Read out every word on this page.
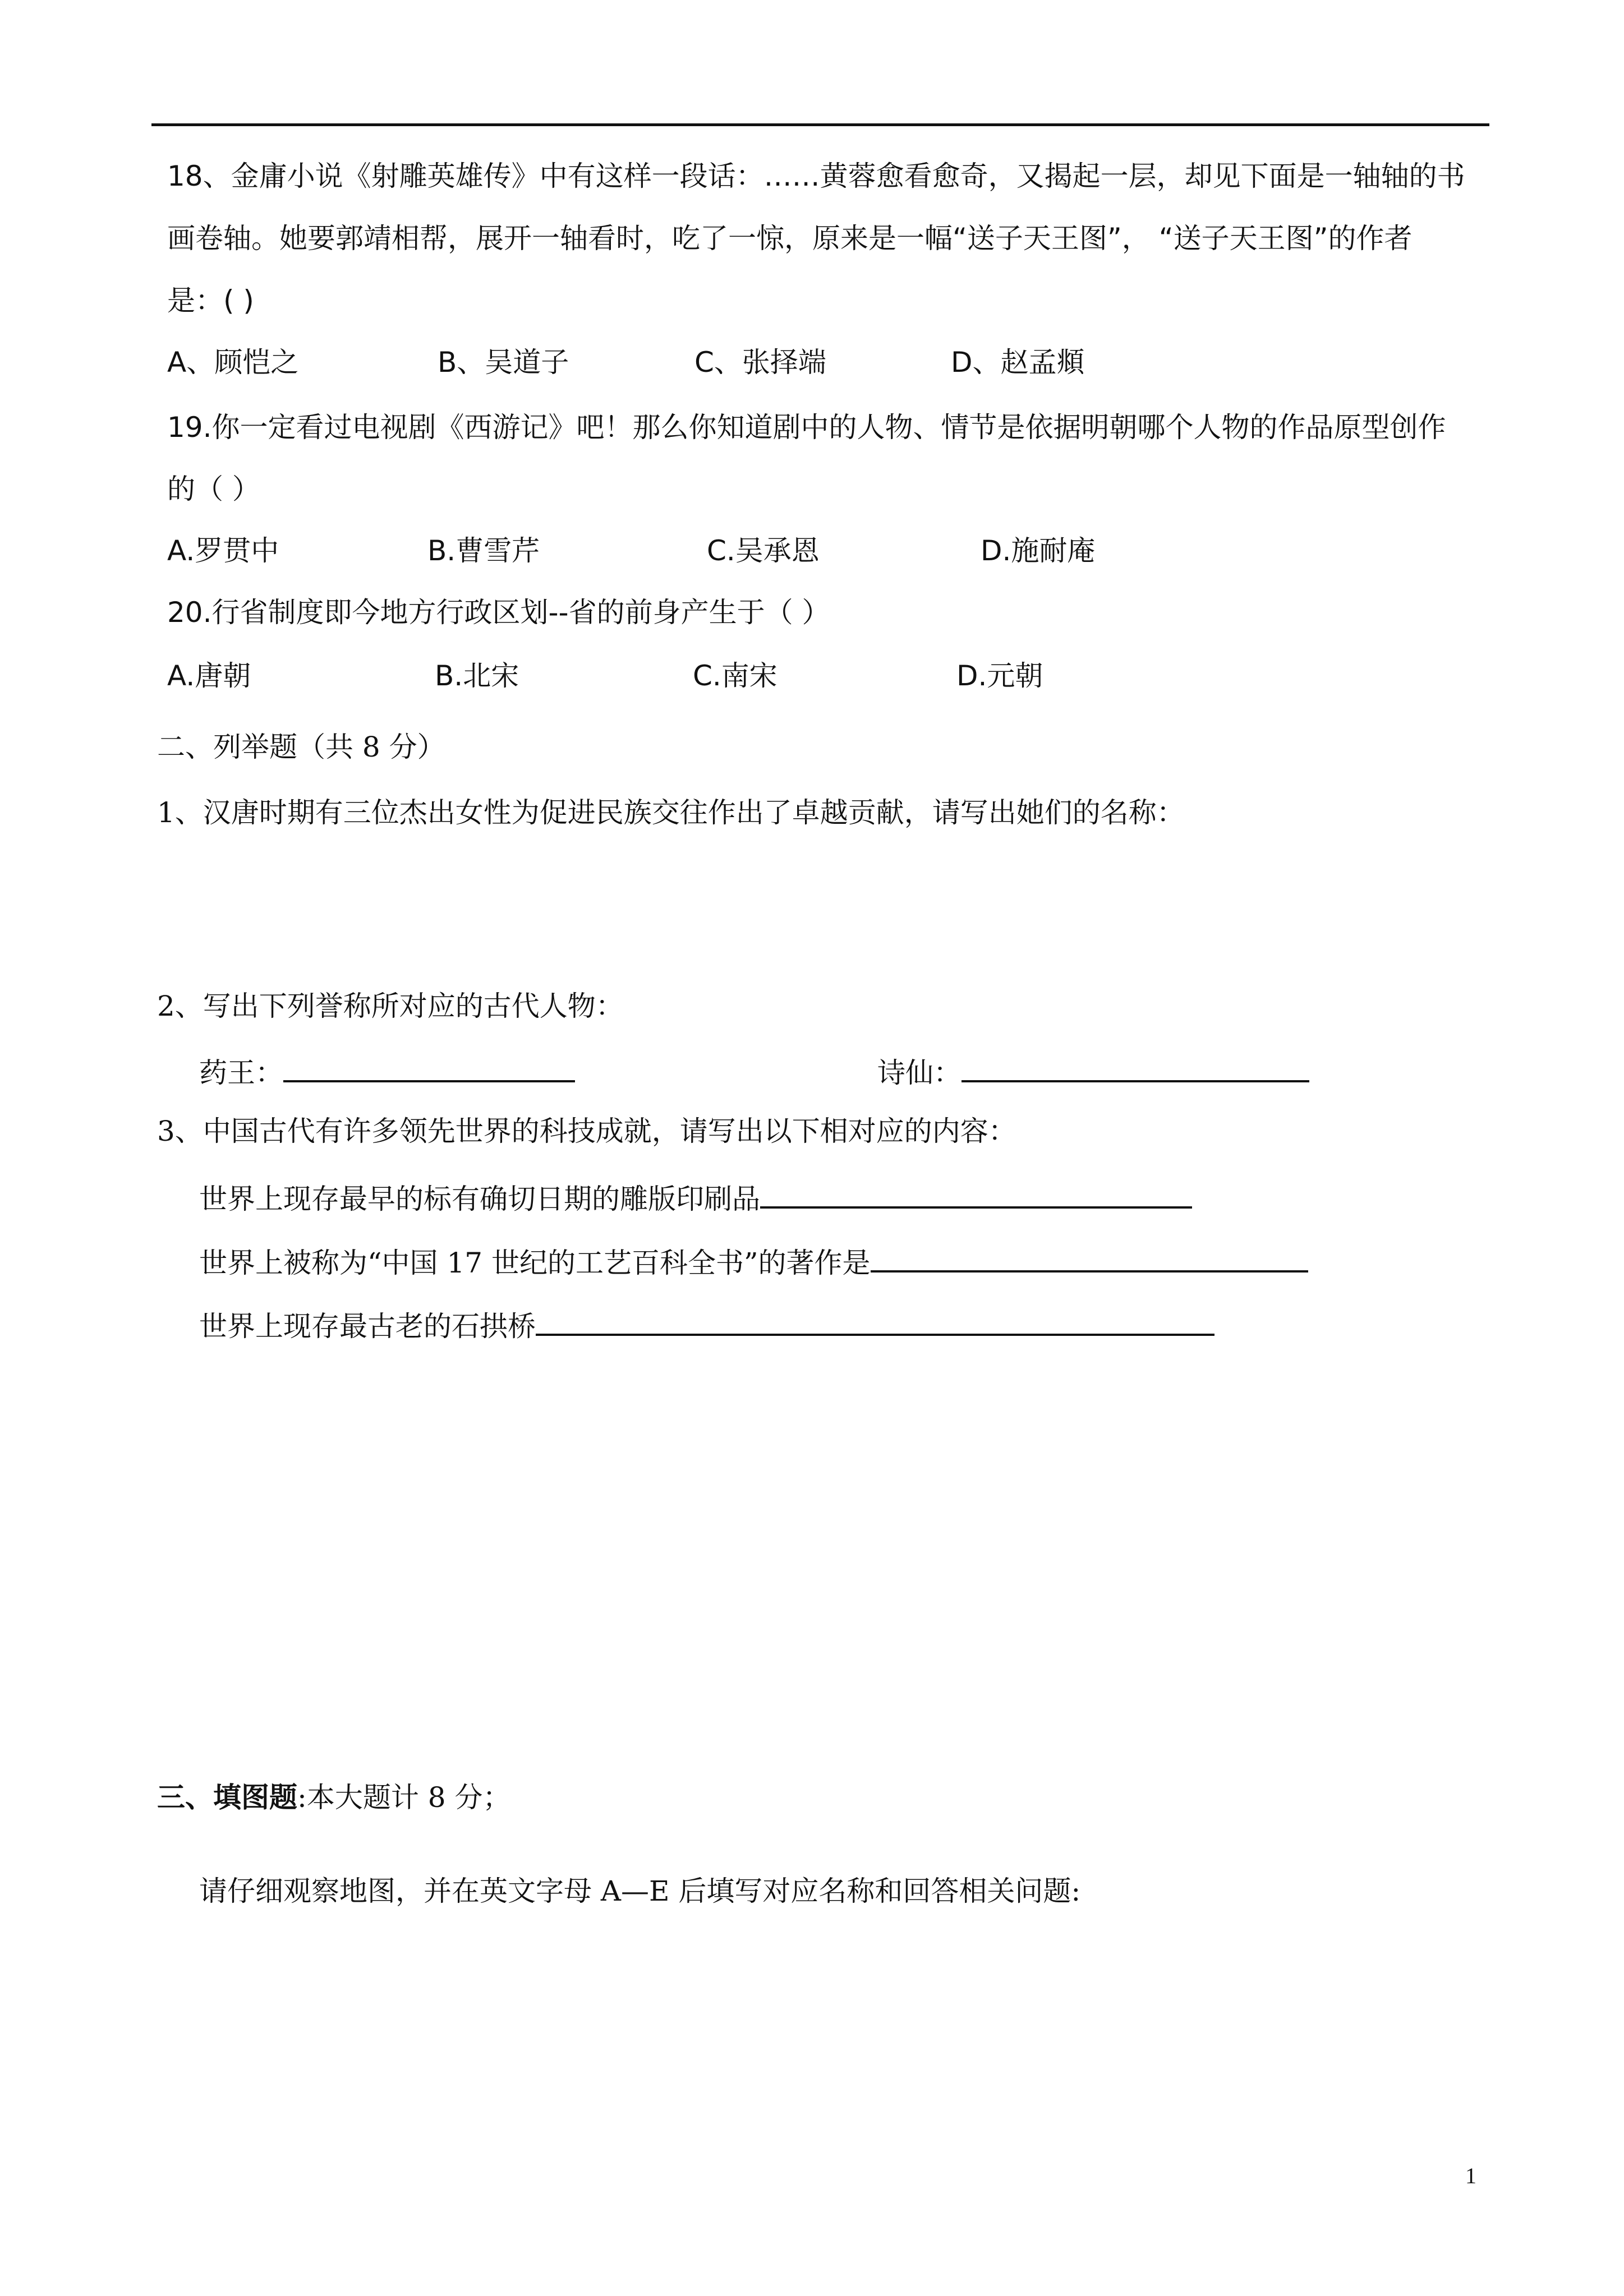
18、金庸小说《射雕英雄传》中有这样一段话：……黄蓉愈看愈奇，又揭起一层，却见下面是一轴轴的书
画卷轴。她要郭靖相帮，展开一轴看时，吃了一惊，原来是一幅“送子天王图”， “送子天王图”的作者
是：( )
A、顾恺之	B、吴道子	C、张择端	D、赵孟頫
19.你一定看过电视剧《西游记》吧！那么你知道剧中的人物、情节是依据明朝哪个人物的作品原型创作
的（ ）
A.罗贯中	B.曹雪芹	C.吴承恩	D.施耐庵
20.行省制度即今地方行政区划--省的前身产生于（ ）
A.唐朝	B.北宋	C.南宋	D.元朝
二、列举题（共 8 分）
1、汉唐时期有三位杰出女性为促进民族交往作出了卓越贡献，请写出她们的名称：
2、写出下列誉称所对应的古代人物：
药王：	诗仙：
3、中国古代有许多领先世界的科技成就，请写出以下相对应的内容：
世界上现存最早的标有确切日期的雕版印刷品
世界上被称为“中国 17 世纪的工艺百科全书”的著作是
世界上现存最古老的石拱桥
三、填图题:本大题计 8 分；
请仔细观察地图，并在英文字母 A—E 后填写对应名称和回答相关问题:
1
